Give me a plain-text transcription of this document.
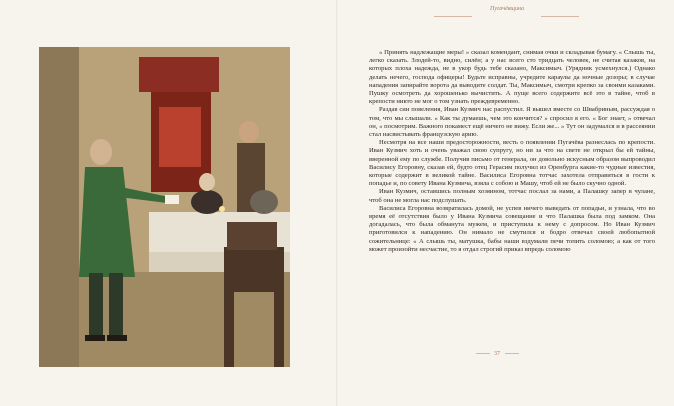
Пугачёвщина

« Принять надлежащие меры! » сказал комендант, снимая очки и складывая бумагу. « Слышь ты, легко сказать. Злодей-то, видно, силён; а у нас всего сто тридцать человек, не считая казаков, на которых плоха надежда, не в укор будь тебе сказано, Максимыч. (Урядник усмехнулся.) Однако делать нечего, господа офицеры! Будьте исправны, учредите караулы да ночные дозоры; в случае нападения запирайте ворота да выводите солдат. Ты, Максимыч, смотри крепко за своими казаками. Пушку осмотреть да хорошенько вычистить. А пуще всего содержите всё это в тайне, чтоб в крепости никто не мог о том узнать преждевременно.

Раздав сии повеления, Иван Кузмич нас распустил. Я вышел вместе со Швабриным, рассуждая о том, что мы слышали. « Как ты думаешь, чем это кончится? » спросил я его. « Бог знает, » отвечал он, « посмотрим. Важного покамест ещё ничего не вижу. Если же... » Тут он задумался и в рассеянии стал насвистывать французскую арию.

Несмотря на все наши предосторожности, весть о появлении Пугачёва разнеслась по крепости. Иван Кузмич хоть и очень уважал свою супругу, но ни за что на свете не открыл бы ей тайны, вверенной ему по службе. Получив письмо от генерала, он довольно искусным образом выпроводил Василису Егоровну, сказав ей, будто отец Герасим получил из Оренбурга какие-то чудные известия, которые содержит в великой тайне. Василиса Егоровна тотчас захотела отправиться в гости к попадье и, по совету Ивана Кузмича, взяла с собою и Машу, чтоб ей не было скучно одной.

Иван Кузмич, оставшись полным хозяином, тотчас послал за нами, а Палашку запер в чулане, чтоб она не могла нас подслушать.

Василиса Егоровна возвратилась домой, не успев ничего выведать от попадьи, и узнала, что во время её отсутствия было у Ивана Кузмича совещание и что Палашка была под замком. Она догадалась, что была обманута мужем, и приступила к нему с допросом. Но Иван Кузмич приготовился к нападению. Он нимало не смутился и бодро отвечал своей любопытной сожительнице: « А слышь ты, матушка, бабы наши вздумали печи топить соломою; а как от того может произойти несчастие, то я отдал строгий приказ впредь соломою

37
